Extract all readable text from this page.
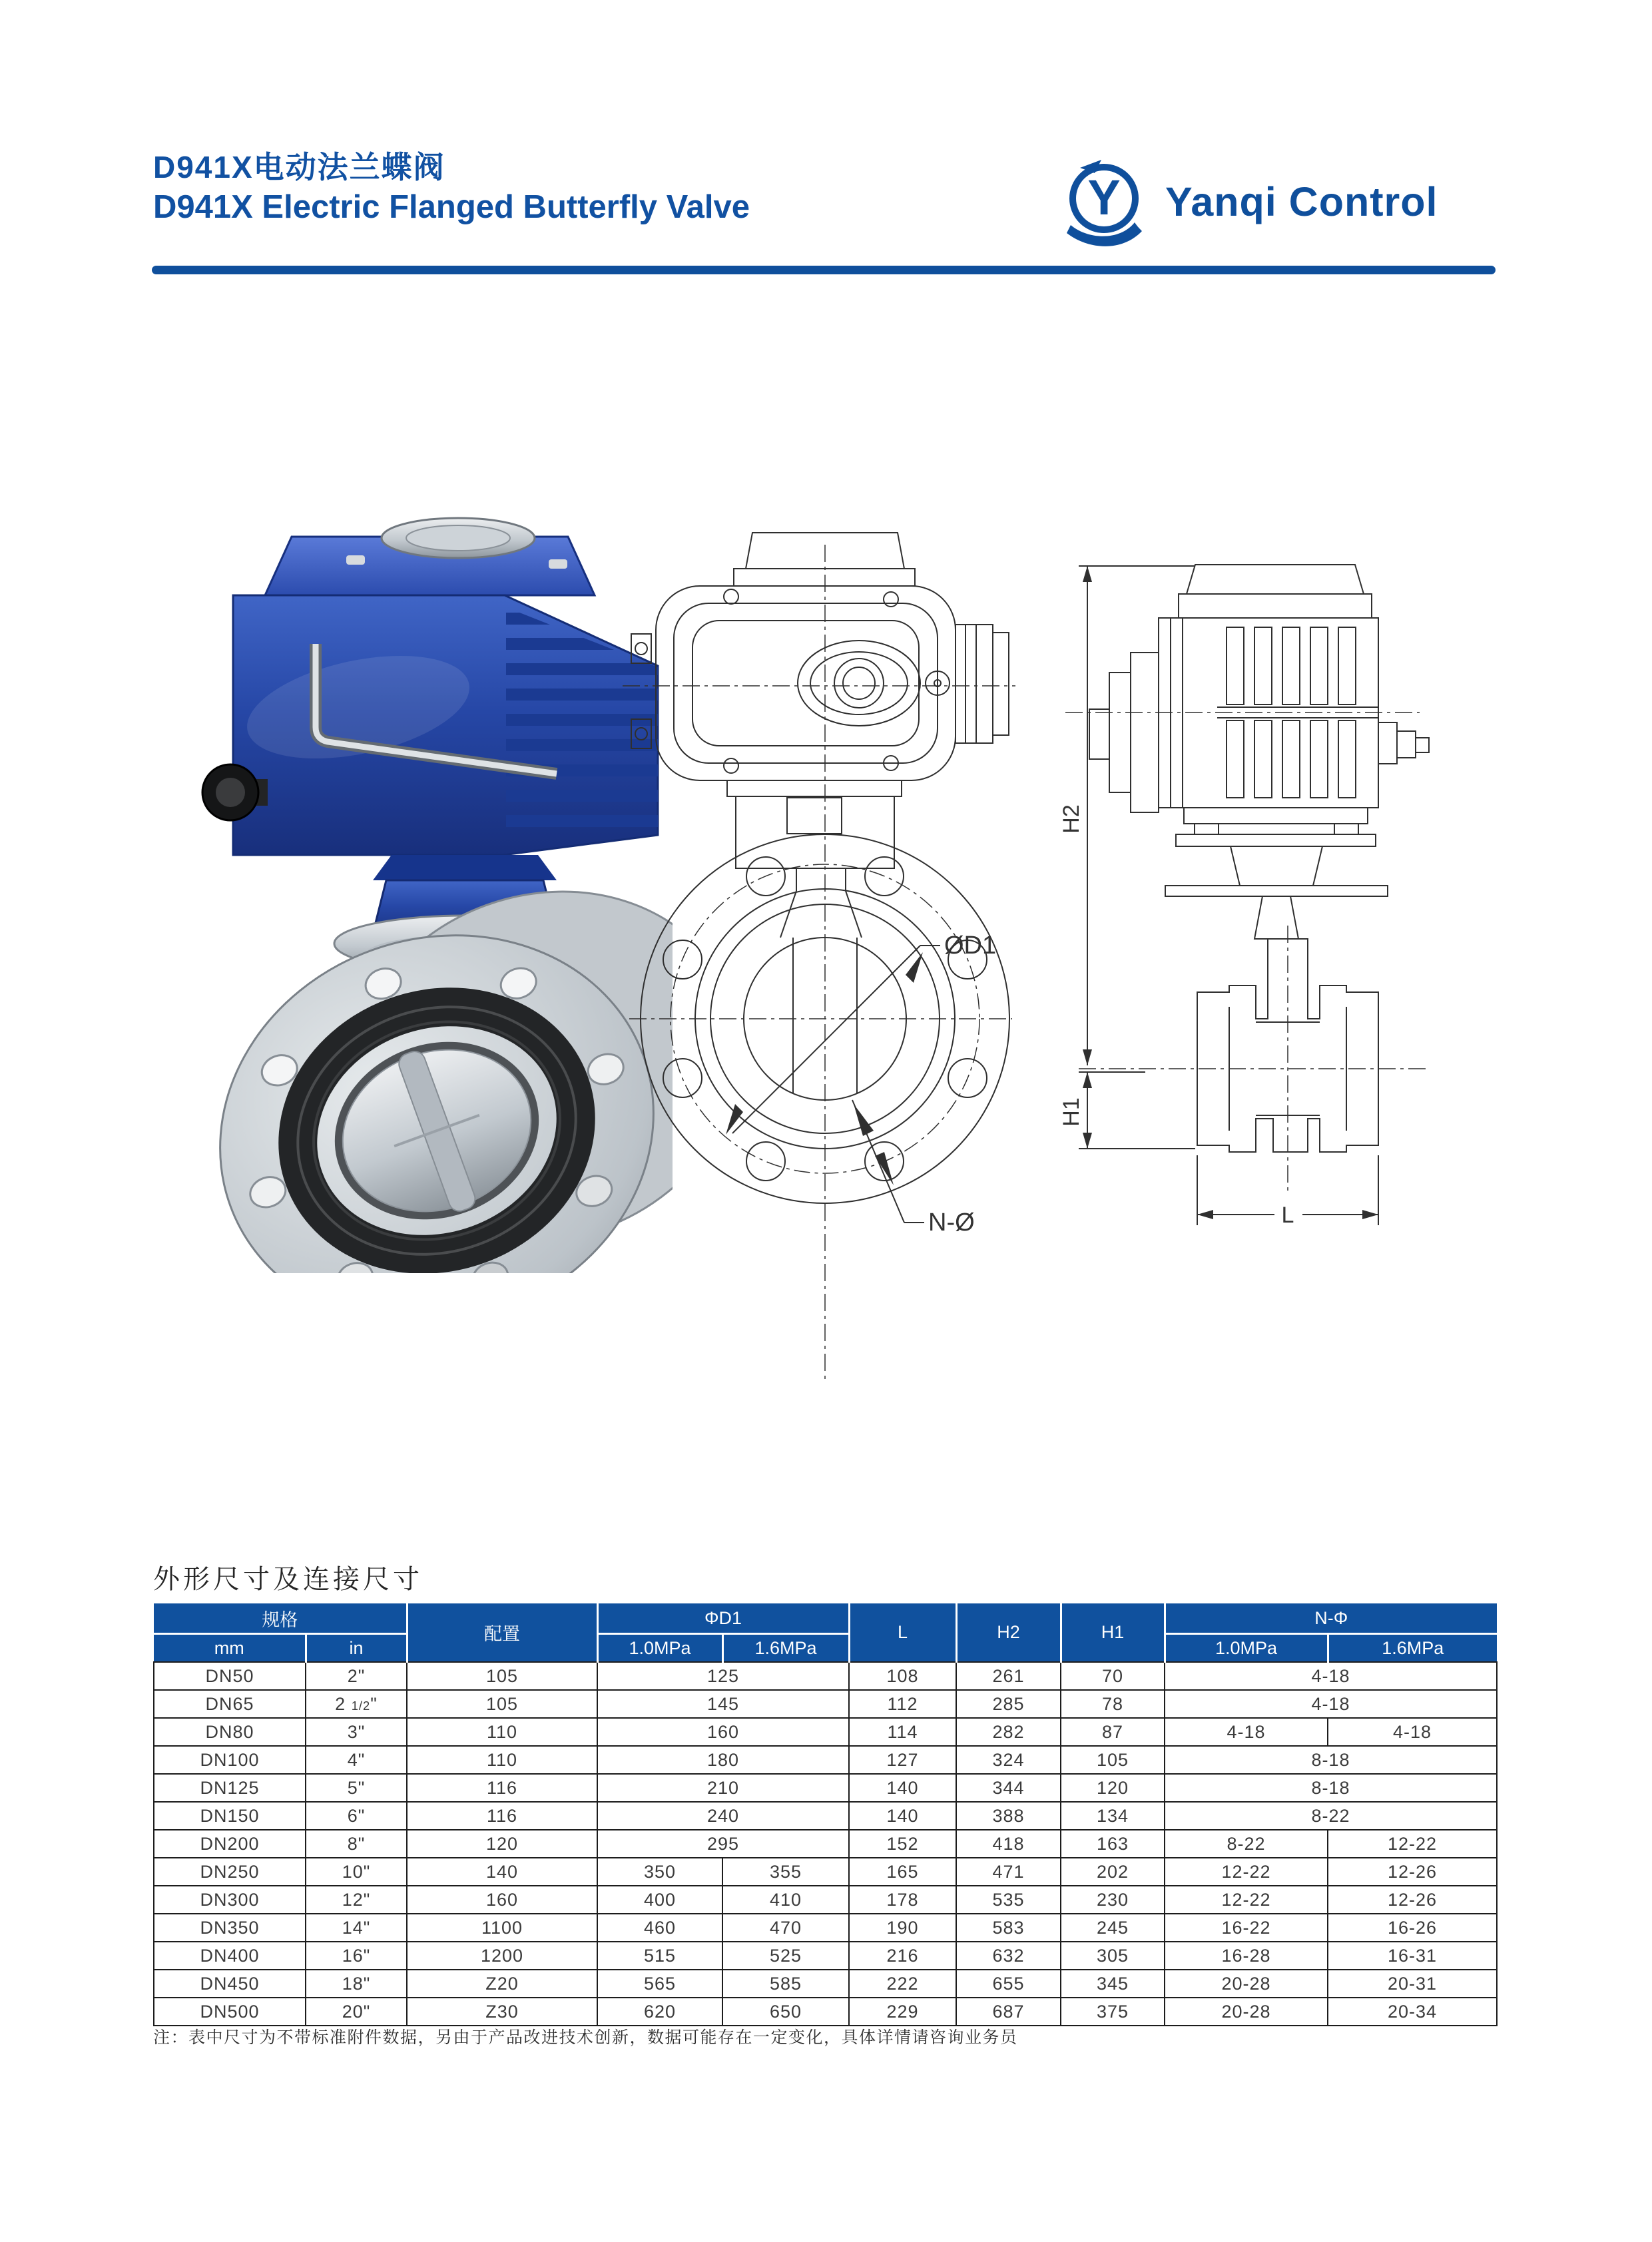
D941X电动法兰蝶阀
D941X Electric Flanged Butterfly Valve	Y Yanqi Control
ØD1
N-Ø
H2
H1
L
外形尺寸及连接尺寸
规格		配置	ΦD1		L	H2	H1	N-Φ	
mm	in		1.0MPa	1.6MPa				1.0MPa	1.6MPa
DN50	2"	105	125		108	261	70	4-18	
DN65	2 1/2"	105	145		112	285	78	4-18	
DN80	3"	110	160		114	282	87	4-18	4-18
DN100	4"	110	180		127	324	105	8-18	
DN125	5"	116	210		140	344	120	8-18	
DN150	6"	116	240		140	388	134	8-22	
DN200	8"	120	295		152	418	163	8-22	12-22
DN250	10"	140	350	355	165	471	202	12-22	12-26
DN300	12"	160	400	410	178	535	230	12-22	12-26
DN350	14"	1100	460	470	190	583	245	16-22	16-26
DN400	16"	1200	515	525	216	632	305	16-28	16-31
DN450	18"	Z20	565	585	222	655	345	20-28	20-31
DN500	20"	Z30	620	650	229	687	375	20-28	20-34
注：表中尺寸为不带标准附件数据，另由于产品改进技术创新，数据可能存在一定变化，具体详情请咨询业务员
